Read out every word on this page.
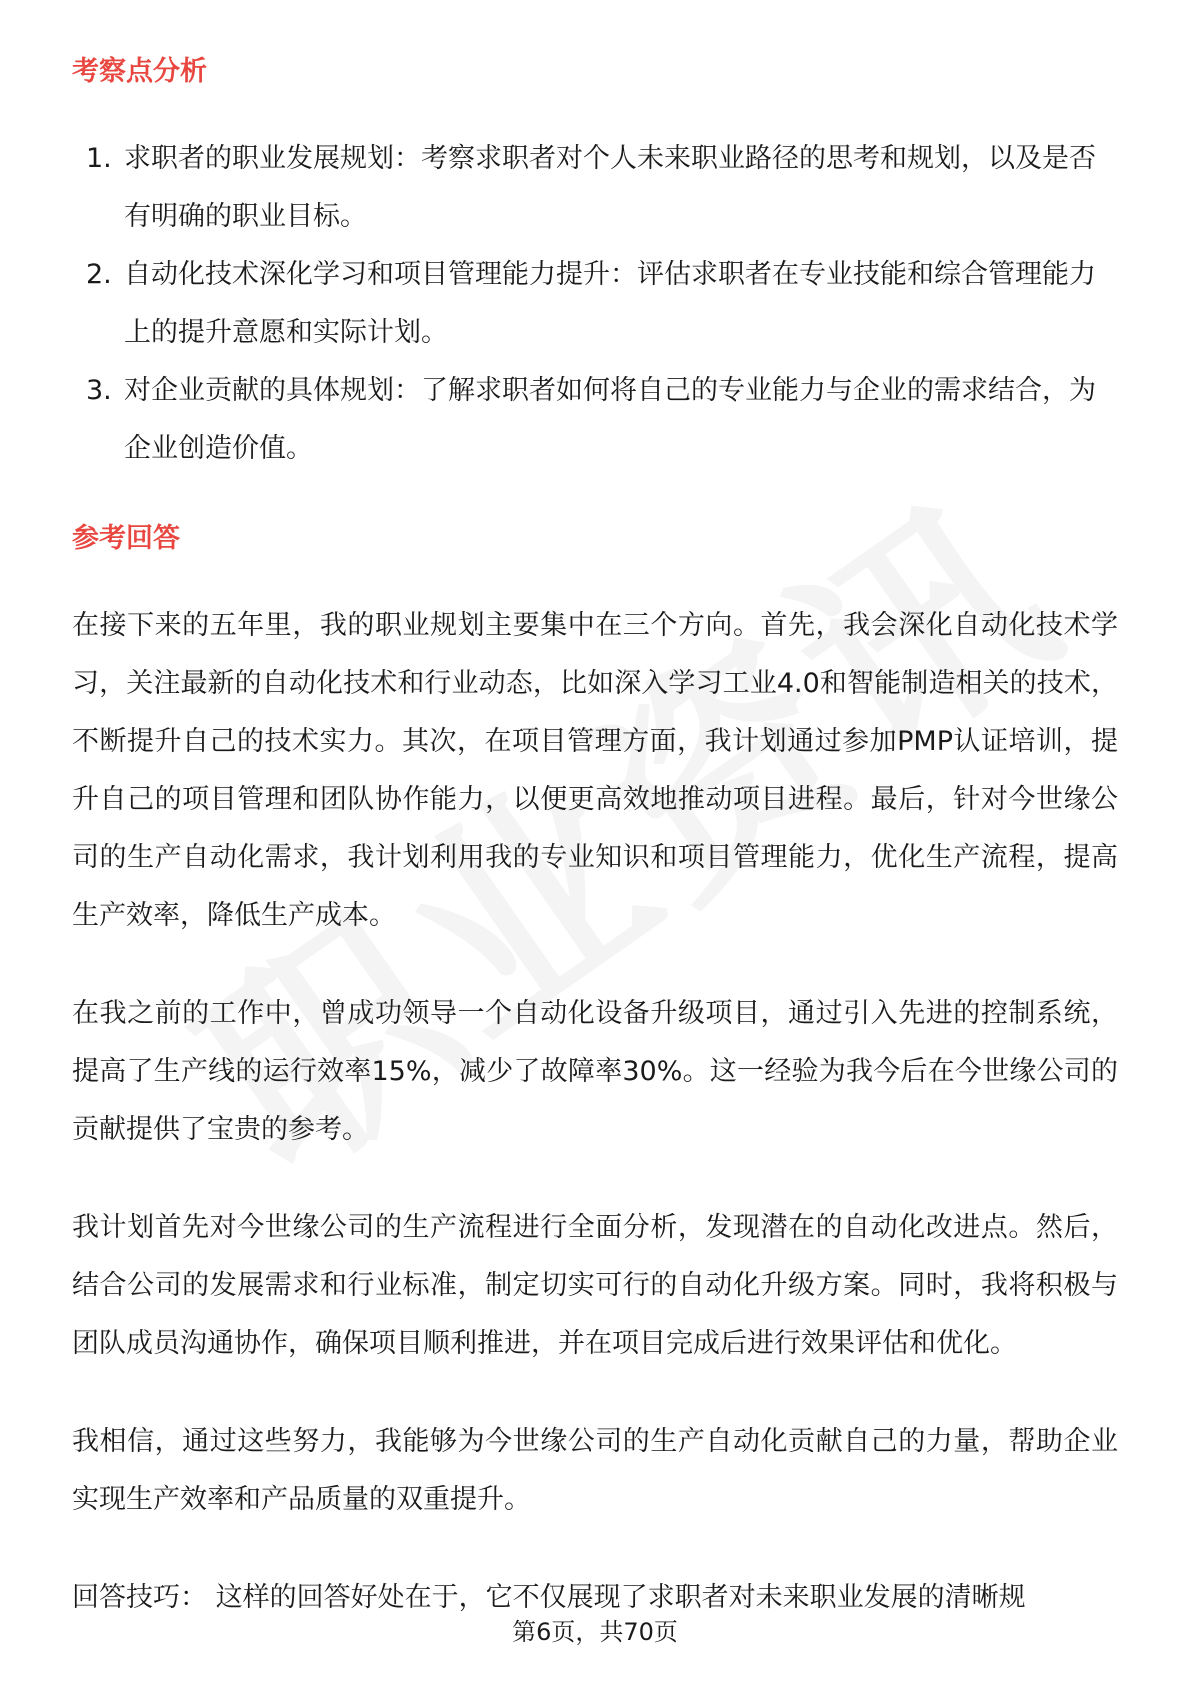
考察点分析
1. 求职者的职业发展规划：考察求职者对个人未来职业路径的思考和规划，以及是否有明确的职业目标。
2. 自动化技术深化学习和项目管理能力提升：评估求职者在专业技能和综合管理能力上的提升意愿和实际计划。
3. 对企业贡献的具体规划：了解求职者如何将自己的专业能力与企业的需求结合，为企业创造价值。
参考回答

在接下来的五年里，我的职业规划主要集中在三个方向。首先，我会深化自动化技术学习，关注最新的自动化技术和行业动态，比如深入学习工业4.0和智能制造相关的技术，不断提升自己的技术实力。其次，在项目管理方面，我计划通过参加PMP认证培训，提升自己的项目管理和团队协作能力，以便更高效地推动项目进程。最后，针对今世缘公司的生产自动化需求，我计划利用我的专业知识和项目管理能力，优化生产流程，提高生产效率，降低生产成本。

在我之前的工作中，曾成功领导一个自动化设备升级项目，通过引入先进的控制系统，提高了生产线的运行效率15%，减少了故障率30%。这一经验为我今后在今世缘公司的贡献提供了宝贵的参考。

我计划首先对今世缘公司的生产流程进行全面分析，发现潜在的自动化改进点。然后，结合公司的发展需求和行业标准，制定切实可行的自动化升级方案。同时，我将积极与团队成员沟通协作，确保项目顺利推进，并在项目完成后进行效果评估和优化。

我相信，通过这些努力，我能够为今世缘公司的生产自动化贡献自己的力量，帮助企业实现生产效率和产品质量的双重提升。

回答技巧： 这样的回答好处在于，它不仅展现了求职者对未来职业发展的清晰规
第6页，共70页
